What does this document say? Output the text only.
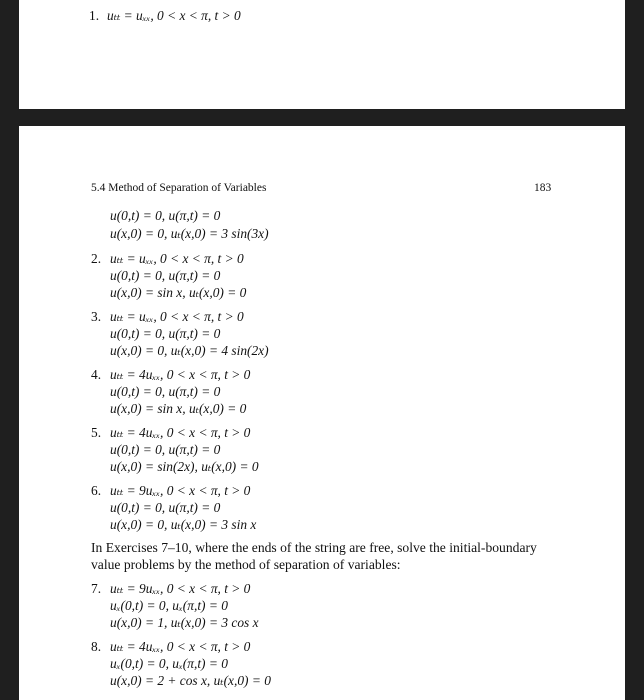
1. uₜₜ = uₓₓ, 0 < x < π, t > 0
5.4 Method of Separation of Variables	183
u(0,t) = 0, u(π,t) = 0
u(x,0) = 0, uₜ(x,0) = 3 sin(3x)
2. uₜₜ = uₓₓ, 0 < x < π, t > 0
u(0,t) = 0, u(π,t) = 0
u(x,0) = sin x, uₜ(x,0) = 0
3. uₜₜ = uₓₓ, 0 < x < π, t > 0
u(0,t) = 0, u(π,t) = 0
u(x,0) = 0, uₜ(x,0) = 4 sin(2x)
4. uₜₜ = 4uₓₓ, 0 < x < π, t > 0
u(0,t) = 0, u(π,t) = 0
u(x,0) = sin x, uₜ(x,0) = 0
5. uₜₜ = 4uₓₓ, 0 < x < π, t > 0
u(0,t) = 0, u(π,t) = 0
u(x,0) = sin(2x), uₜ(x,0) = 0
6. uₜₜ = 9uₓₓ, 0 < x < π, t > 0
u(0,t) = 0, u(π,t) = 0
u(x,0) = 0, uₜ(x,0) = 3 sin x
In Exercises 7–10, where the ends of the string are free, solve the initial-boundary
value problems by the method of separation of variables:
7. uₜₜ = 9uₓₓ, 0 < x < π, t > 0
uₓ(0,t) = 0, uₓ(π,t) = 0
u(x,0) = 1, uₜ(x,0) = 3 cos x
8. uₜₜ = 4uₓₓ, 0 < x < π, t > 0
uₓ(0,t) = 0, uₓ(π,t) = 0
u(x,0) = 2 + cos x, uₜ(x,0) = 0
